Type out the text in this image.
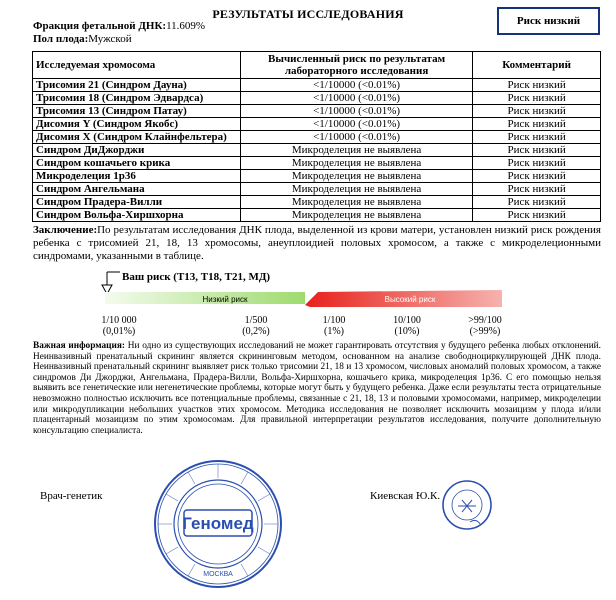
РЕЗУЛЬТАТЫ ИССЛЕДОВАНИЯ
Фракция фетальной ДНК:11.609%
Пол плода:Мужской
Риск низкий
Исследуемая хромосома	Вычисленный риск по результатам лабораторного исследования	Комментарий
Трисомия 21 (Синдром Дауна)	<1/10000 (<0.01%)	Риск низкий
Трисомия 18 (Синдром Эдвардса)	<1/10000 (<0.01%)	Риск низкий
Трисомия 13 (Синдром Патау)	<1/10000 (<0.01%)	Риск низкий
Дисомия Y (Синдром Якобс)	<1/10000 (<0.01%)	Риск низкий
Дисомия X (Синдром Клайнфельтера)	<1/10000 (<0.01%)	Риск низкий
Синдром ДиДжорджи	Микроделеция не выявлена	Риск низкий
Синдром кошачьего крика	Микроделеция не выявлена	Риск низкий
Микроделеция 1р36	Микроделеция не выявлена	Риск низкий
Синдром Ангельмана	Микроделеция не выявлена	Риск низкий
Синдром Прадера-Вилли	Микроделеция не выявлена	Риск низкий
Синдром Вольфа-Хиршхорна	Микроделеция не выявлена	Риск низкий
Заключение:По результатам исследования ДНК плода, выделенной из крови матери, установлен низкий риск рождения ребенка с трисомией 21, 18, 13 хромосомы, анеуплоидией половых хромосом, а также с микроделеционными синдромами, указанными в таблице.
Низкий риск	Высокий риск
Ваш риск (Т13, Т18, Т21, МД)
1/10 000
(0,01%)
1/500
(0,2%)
1/100
(1%)
10/100
(10%)
>99/100
(>99%)
Важная информация: Ни одно из существующих исследований не может гарантировать отсутствия у будущего ребенка любых отклонений. Неинвазивный пренатальный скрининг является скрининговым методом, основанном на анализе свободноциркулирующей ДНК плода. Неинвазивный пренатальный скрининг выявляет риск только трисомии 21, 18 и 13 хромосом, числовых аномалий половых хромосом, а также синдромов Ди Джорджи, Ангельмана, Прадера-Вилли, Вольфа-Хиршхорна, кошачьего крика, микроделеция 1р36. С его помощью нельзя выявить все генетические или негенетические проблемы, которые могут быть у будущего ребенка. Даже если результаты теста отрицательные невозможно полностью исключить все потенциальные проблемы, связанные с 21, 18, 13 и половыми хромосомами, например, микроделеции или микродупликации небольших участков этих хромосом. Методика исследования не позволяет исключить мозаицизм у плода и/или плацентарный мозаицизм по этим хромосомам. Для правильной интерпретации результатов исследования, получите дополнительную консультацию специалиста.
Врач-генетик	Киевская Ю.К.
Геномед
МОСКВА
